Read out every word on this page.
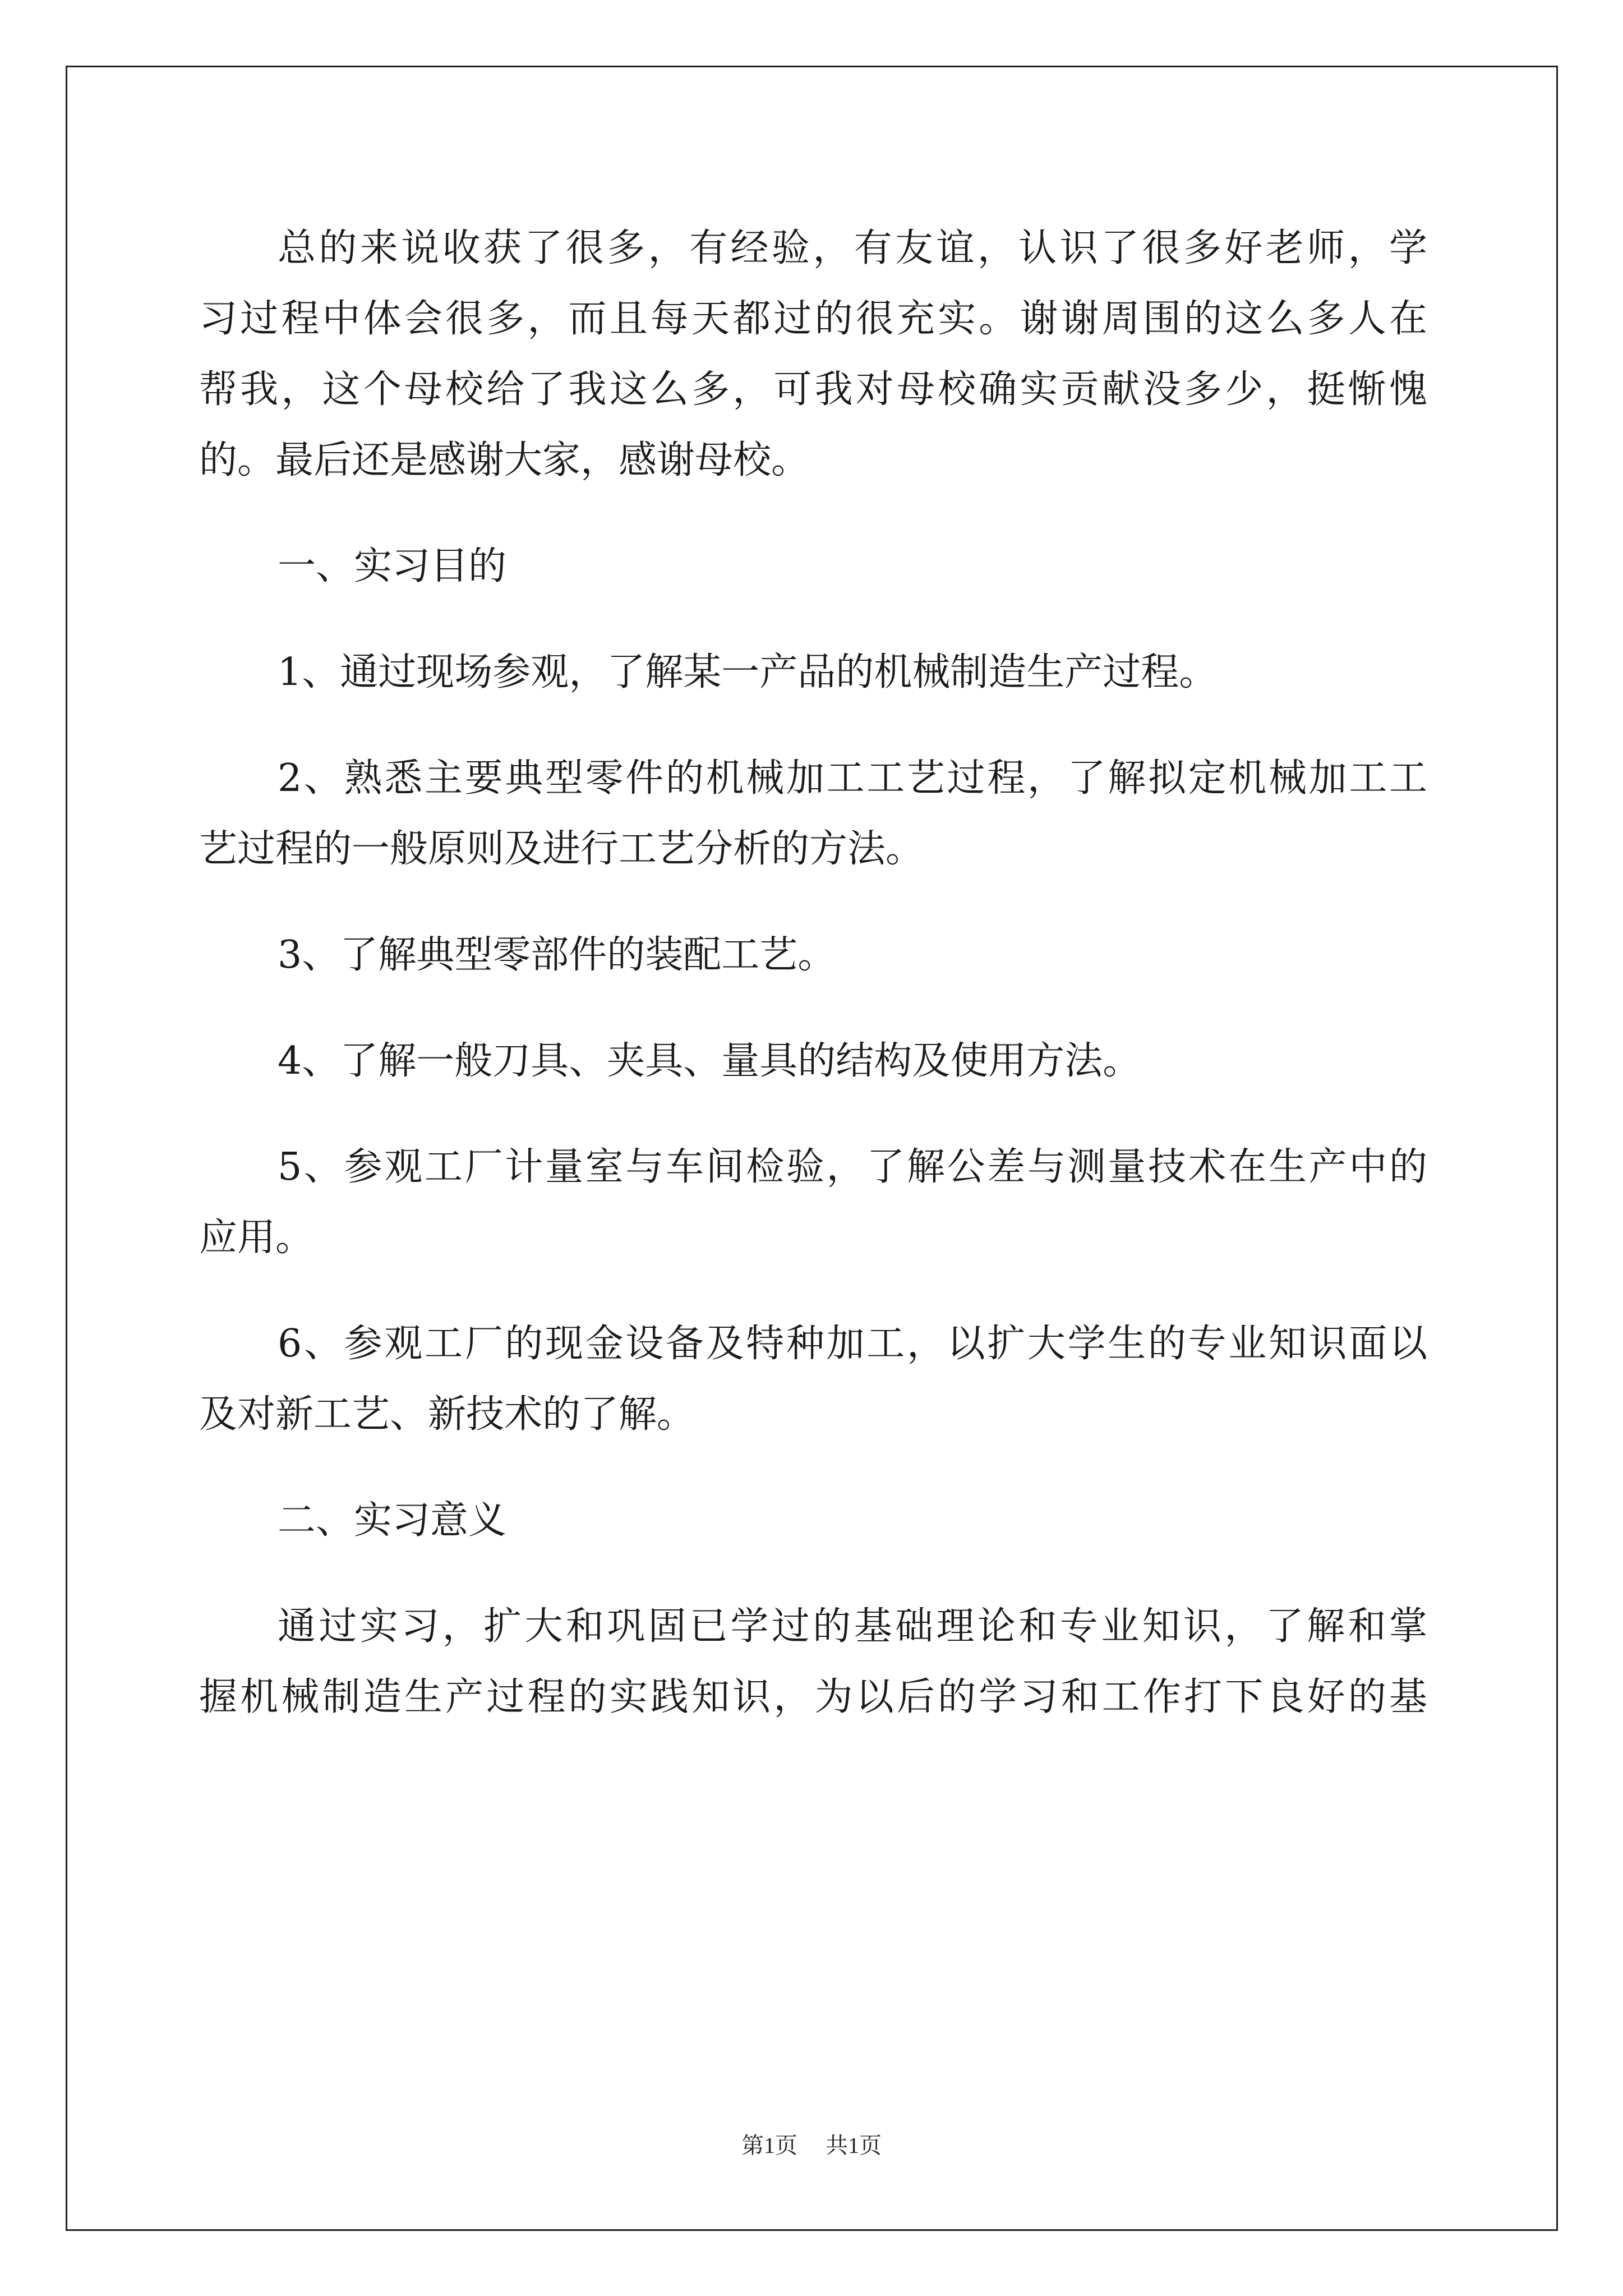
总的来说收获了很多，有经验，有友谊，认识了很多好老师，学
习过程中体会很多，而且每天都过的很充实。谢谢周围的这么多人在
帮我，这个母校给了我这么多，可我对母校确实贡献没多少，挺惭愧
的。最后还是感谢大家，感谢母校。
一、实习目的
1、通过现场参观，了解某一产品的机械制造生产过程。
2、熟悉主要典型零件的机械加工工艺过程，了解拟定机械加工工
艺过程的一般原则及进行工艺分析的方法。
3、了解典型零部件的装配工艺。
4、了解一般刀具、夹具、量具的结构及使用方法。
5、参观工厂计量室与车间检验，了解公差与测量技术在生产中的
应用。
6、参观工厂的现金设备及特种加工，以扩大学生的专业知识面以
及对新工艺、新技术的了解。
二、实习意义
通过实习，扩大和巩固已学过的基础理论和专业知识，了解和掌
握机械制造生产过程的实践知识，为以后的学习和工作打下良好的基
第1页 共1页
